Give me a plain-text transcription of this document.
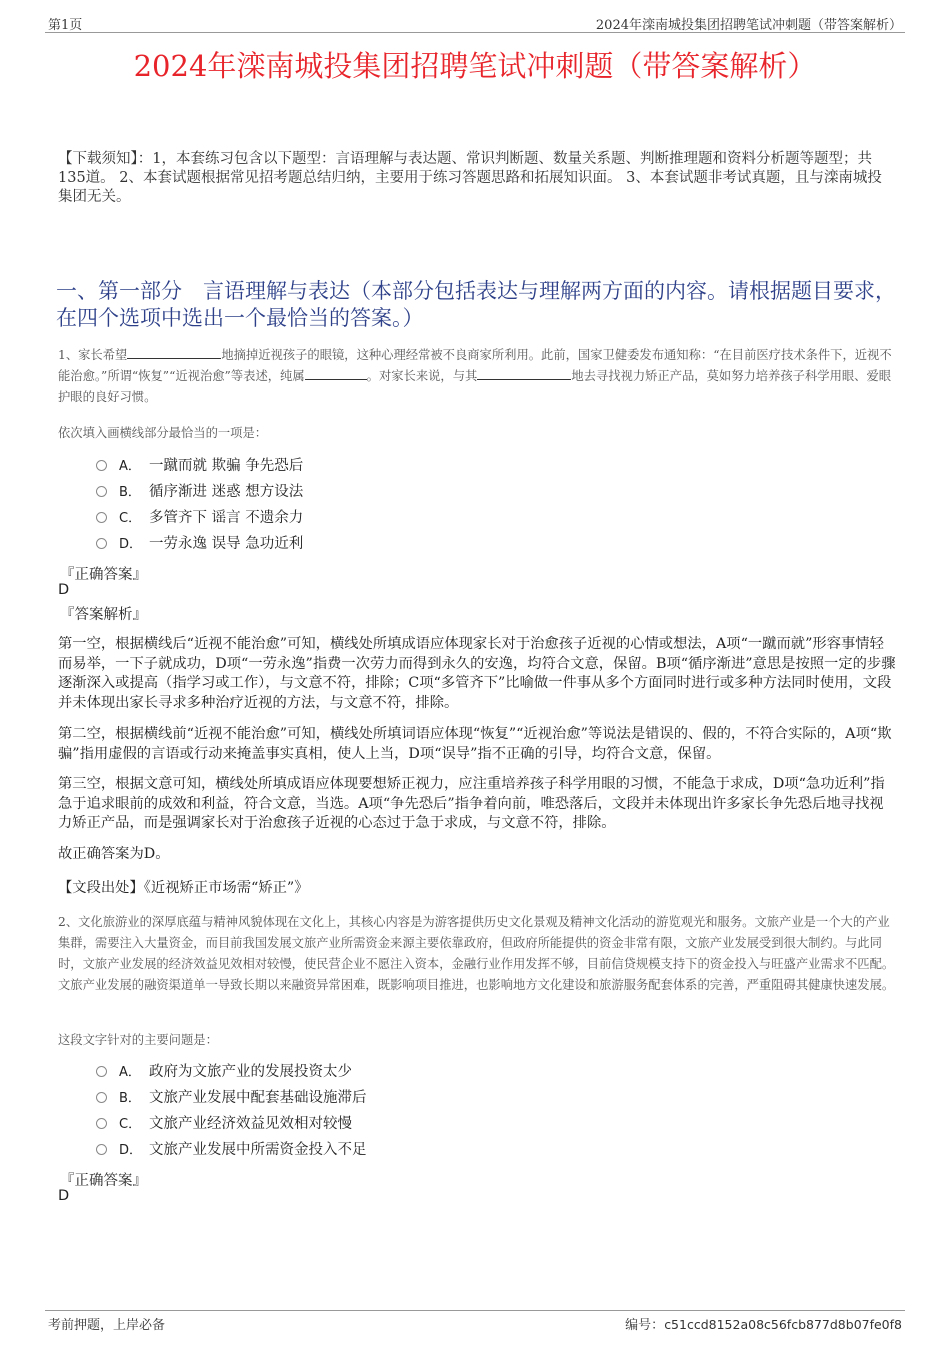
第1页	2024年滦南城投集团招聘笔试冲刺题（带答案解析）
2024年滦南城投集团招聘笔试冲刺题（带答案解析）
【下载须知】：1，本套练习包含以下题型：言语理解与表达题、常识判断题、数量关系题、判断推理题和资料分析题等题型；共135道。 2、本套试题根据常见招考题总结归纳，主要用于练习答题思路和拓展知识面。 3、本套试题非考试真题，且与滦南城投集团无关。
一、第一部分　言语理解与表达（本部分包括表达与理解两方面的内容。请根据题目要求，在四个选项中选出一个最恰当的答案。）
1、家长希望	地摘掉近视孩子的眼镜，这种心理经常被不良商家所利用。此前，国家卫健委发布通知称：“在目前医疗技术条件下，近视不能治愈。”所谓“恢复”“近视治愈”等表述，纯属	。对家长来说，与其	地去寻找视力矫正产品，莫如努力培养孩子科学用眼、爱眼护眼的良好习惯。
依次填入画横线部分最恰当的一项是：
A． 一蹴而就 欺骗 争先恐后
B． 循序渐进 迷惑 想方设法
C． 多管齐下 谣言 不遗余力
D． 一劳永逸 误导 急功近利
『正确答案』
D
『答案解析』
第一空，根据横线后“近视不能治愈”可知，横线处所填成语应体现家长对于治愈孩子近视的心情或想法，A项“一蹴而就”形容事情轻而易举，一下子就成功，D项“一劳永逸”指费一次劳力而得到永久的安逸，均符合文意，保留。B项“循序渐进”意思是按照一定的步骤逐渐深入或提高（指学习或工作），与文意不符，排除；C项“多管齐下”比喻做一件事从多个方面同时进行或多种方法同时使用，文段并未体现出家长寻求多种治疗近视的方法，与文意不符，排除。
第二空，根据横线前“近视不能治愈”可知，横线处所填词语应体现“恢复”“近视治愈”等说法是错误的、假的，不符合实际的，A项“欺骗”指用虚假的言语或行动来掩盖事实真相，使人上当，D项“误导”指不正确的引导，均符合文意，保留。
第三空，根据文意可知，横线处所填成语应体现要想矫正视力，应注重培养孩子科学用眼的习惯，不能急于求成，D项“急功近利”指急于追求眼前的成效和利益，符合文意，当选。A项“争先恐后”指争着向前，唯恐落后，文段并未体现出许多家长争先恐后地寻找视力矫正产品，而是强调家长对于治愈孩子近视的心态过于急于求成，与文意不符，排除。
故正确答案为D。
【文段出处】《近视矫正市场需“矫正”》
2、文化旅游业的深厚底蕴与精神风貌体现在文化上，其核心内容是为游客提供历史文化景观及精神文化活动的游览观光和服务。文旅产业是一个大的产业集群，需要注入大量资金，而目前我国发展文旅产业所需资金来源主要依靠政府，但政府所能提供的资金非常有限，文旅产业发展受到很大制约。与此同时，文旅产业发展的经济效益见效相对较慢，使民营企业不愿注入资本，金融行业作用发挥不够，目前信贷规模支持下的资金投入与旺盛产业需求不匹配。文旅产业发展的融资渠道单一导致长期以来融资异常困难，既影响项目推进，也影响地方文化建设和旅游服务配套体系的完善，严重阻碍其健康快速发展。
这段文字针对的主要问题是：
A． 政府为文旅产业的发展投资太少
B． 文旅产业发展中配套基础设施滞后
C． 文旅产业经济效益见效相对较慢
D． 文旅产业发展中所需资金投入不足
『正确答案』
D
考前押题，上岸必备	编号：c51ccd8152a08c56fcb877d8b07fe0f8
